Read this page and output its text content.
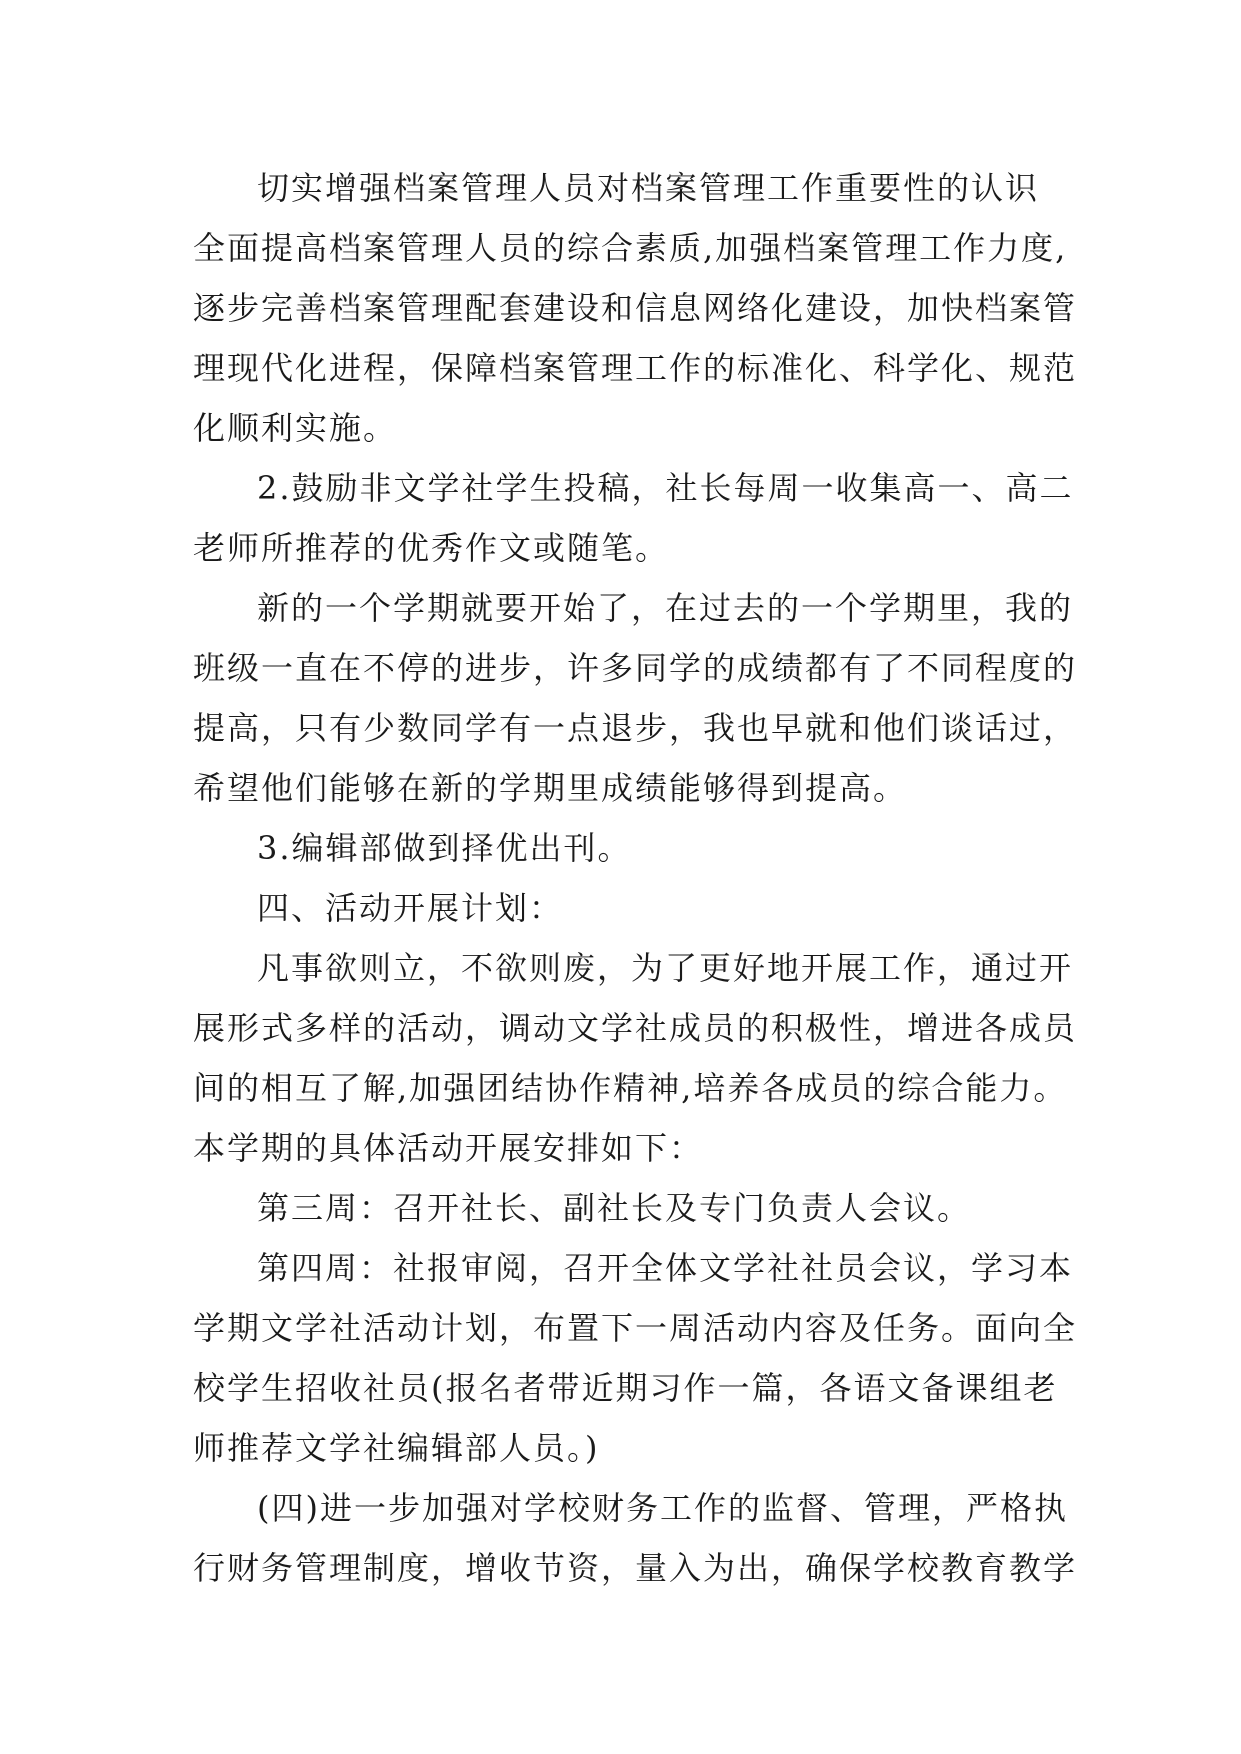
切实增强档案管理人员对档案管理工作重要性的认识
全面提高档案管理人员的综合素质,加强档案管理工作力度,
逐步完善档案管理配套建设和信息网络化建设，加快档案管
理现代化进程，保障档案管理工作的标准化、科学化、规范
化顺利实施。
2.鼓励非文学社学生投稿，社长每周一收集高一、高二
老师所推荐的优秀作文或随笔。
新的一个学期就要开始了，在过去的一个学期里，我的
班级一直在不停的进步，许多同学的成绩都有了不同程度的
提高，只有少数同学有一点退步，我也早就和他们谈话过，
希望他们能够在新的学期里成绩能够得到提高。
3.编辑部做到择优出刊。
四、活动开展计划：
凡事欲则立，不欲则废，为了更好地开展工作，通过开
展形式多样的活动，调动文学社成员的积极性，增进各成员
间的相互了解,加强团结协作精神,培养各成员的综合能力。
本学期的具体活动开展安排如下：
第三周：召开社长、副社长及专门负责人会议。
第四周：社报审阅，召开全体文学社社员会议，学习本
学期文学社活动计划，布置下一周活动内容及任务。面向全
校学生招收社员(报名者带近期习作一篇，各语文备课组老
师推荐文学社编辑部人员。)
(四)进一步加强对学校财务工作的监督、管理，严格执
行财务管理制度，增收节资，量入为出，确保学校教育教学
